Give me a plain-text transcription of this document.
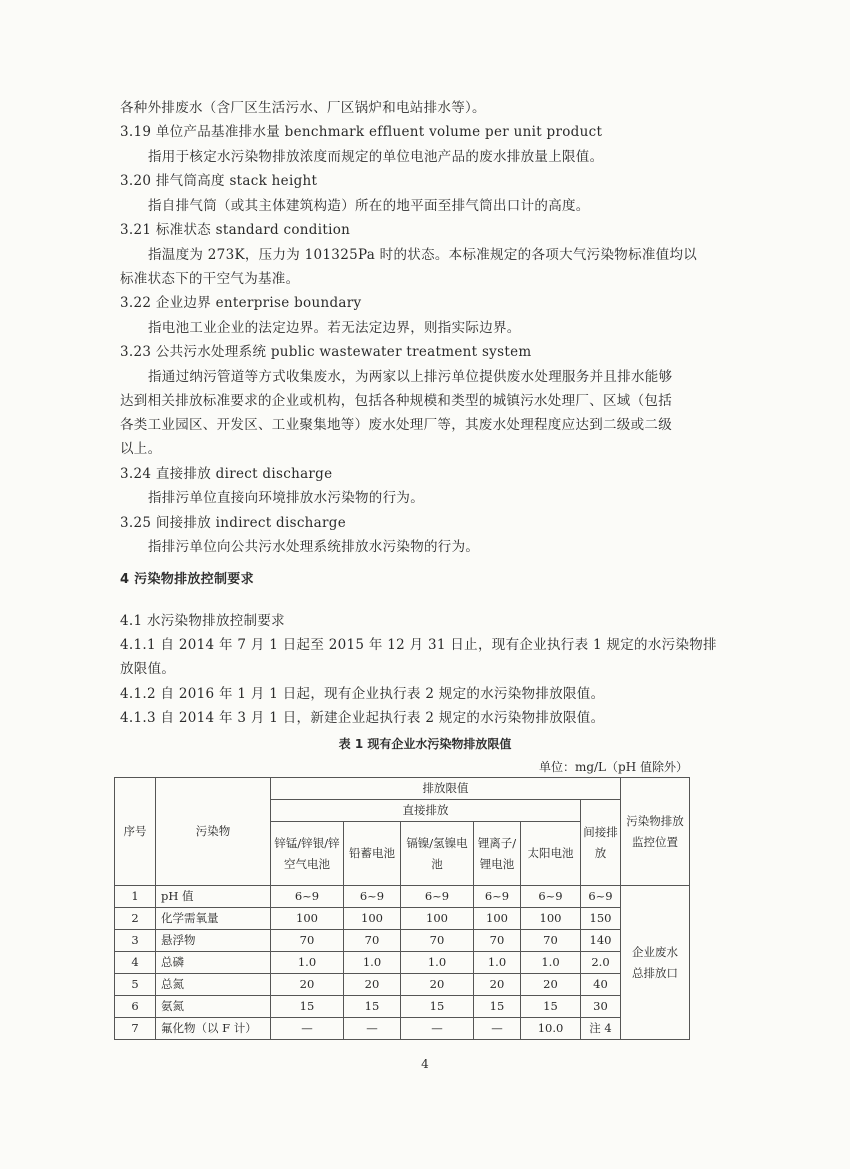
各种外排废水（含厂区生活污水、厂区锅炉和电站排水等）。
3.19 单位产品基准排水量 benchmark effluent volume per unit product
指用于核定水污染物排放浓度而规定的单位电池产品的废水排放量上限值。
3.20 排气筒高度 stack height
指自排气筒（或其主体建筑构造）所在的地平面至排气筒出口计的高度。
3.21 标准状态 standard condition
指温度为 273K，压力为 101325Pa 时的状态。本标准规定的各项大气污染物标准值均以
标准状态下的干空气为基准。
3.22 企业边界 enterprise boundary
指电池工业企业的法定边界。若无法定边界，则指实际边界。
3.23 公共污水处理系统 public wastewater treatment system
指通过纳污管道等方式收集废水，为两家以上排污单位提供废水处理服务并且排水能够
达到相关排放标准要求的企业或机构，包括各种规模和类型的城镇污水处理厂、区域（包括
各类工业园区、开发区、工业聚集地等）废水处理厂等，其废水处理程度应达到二级或二级
以上。
3.24 直接排放 direct discharge
指排污单位直接向环境排放水污染物的行为。
3.25 间接排放 indirect discharge
指排污单位向公共污水处理系统排放水污染物的行为。
4 污染物排放控制要求
4.1 水污染物排放控制要求
4.1.1 自 2014 年 7 月 1 日起至 2015 年 12 月 31 日止，现有企业执行表 1 规定的水污染物排
放限值。
4.1.2 自 2016 年 1 月 1 日起，现有企业执行表 2 规定的水污染物排放限值。
4.1.3 自 2014 年 3 月 1 日，新建企业起执行表 2 规定的水污染物排放限值。
表 1 现有企业水污染物排放限值
单位：mg/L（pH 值除外）
序号	污染物	排放限值						污染物排放监控位置
		直接排放					间接排放	
		锌锰/锌银/锌空气电池	铅蓄电池	镉镍/氢镍电池	锂离子/锂电池	太阳电池		
1	pH 值	6~9	6~9	6~9	6~9	6~9	6~9	企业废水总排放口
2	化学需氧量	100	100	100	100	100	150	
3	悬浮物	70	70	70	70	70	140	
4	总磷	1.0	1.0	1.0	1.0	1.0	2.0	
5	总氮	20	20	20	20	20	40	
6	氨氮	15	15	15	15	15	30	
7	氟化物（以 F 计）	—	—	—	—	10.0	注 4	
4
